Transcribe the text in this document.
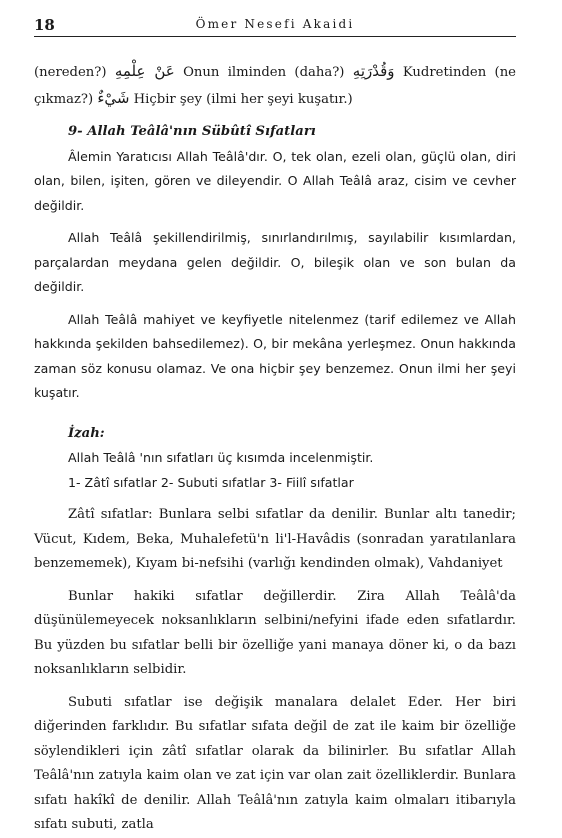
18	Ömer Nesefi Akaidi

(nereden?) عَنْ عِلْمِهِ Onun ilminden (daha?) وَقُدْرَتِهِ Kudretinden (ne çıkmaz?) شَيْءٌ Hiçbir şey (ilmi her şeyi kuşatır.)

9- Allah Teâlâ'nın Sübûtî Sıfatları

Âlemin Yaratıcısı Allah Teâlâ'dır. O, tek olan, ezeli olan, güçlü olan, diri olan, bilen, işiten, gören ve dileyendir. O Allah Teâlâ araz, cisim ve cevher değildir.

Allah Teâlâ şekillendirilmiş, sınırlandırılmış, sayılabilir kısımlardan, parçalardan meydana gelen değildir. O, bileşik olan ve son bulan da değildir.

Allah Teâlâ mahiyet ve keyfiyetle nitelenmez (tarif edilemez ve Allah hakkında şekilden bahsedilemez). O, bir mekâna yerleşmez. Onun hakkında zaman söz konusu olamaz. Ve ona hiçbir şey benzemez. Onun ilmi her şeyi kuşatır.

İzah:

Allah Teâlâ 'nın sıfatları üç kısımda incelenmiştir.

1- Zâtî sıfatlar 2- Subuti sıfatlar 3- Fiilî sıfatlar

Zâtî sıfatlar: Bunlara selbi sıfatlar da denilir. Bunlar altı tanedir; Vücut, Kıdem, Beka, Muhalefetü'n li'l-Havâdis (sonradan yaratılanlara benzememek), Kıyam bi-nefsihi (varlığı kendinden olmak), Vahdaniyet

Bunlar hakiki sıfatlar değillerdir. Zira Allah Teâlâ'da düşünülemeyecek noksanlıkların selbini/nefyini ifade eden sıfatlardır. Bu yüzden bu sıfatlar belli bir özelliğe yani manaya döner ki, o da bazı noksanlıkların selbidir.

Subuti sıfatlar ise değişik manalara delalet Eder. Her biri diğerinden farklıdır. Bu sıfatlar sıfata değil de zat ile kaim bir özelliğe söylendikleri için zâtî sıfatlar olarak da bilinirler. Bu sıfatlar Allah Teâlâ'nın zatıyla kaim olan ve zat için var olan zait özelliklerdir. Bunlara sıfatı hakîkî de denilir. Allah Teâlâ'nın zatıyla kaim olmaları itibarıyla sıfatı subuti, zatla
